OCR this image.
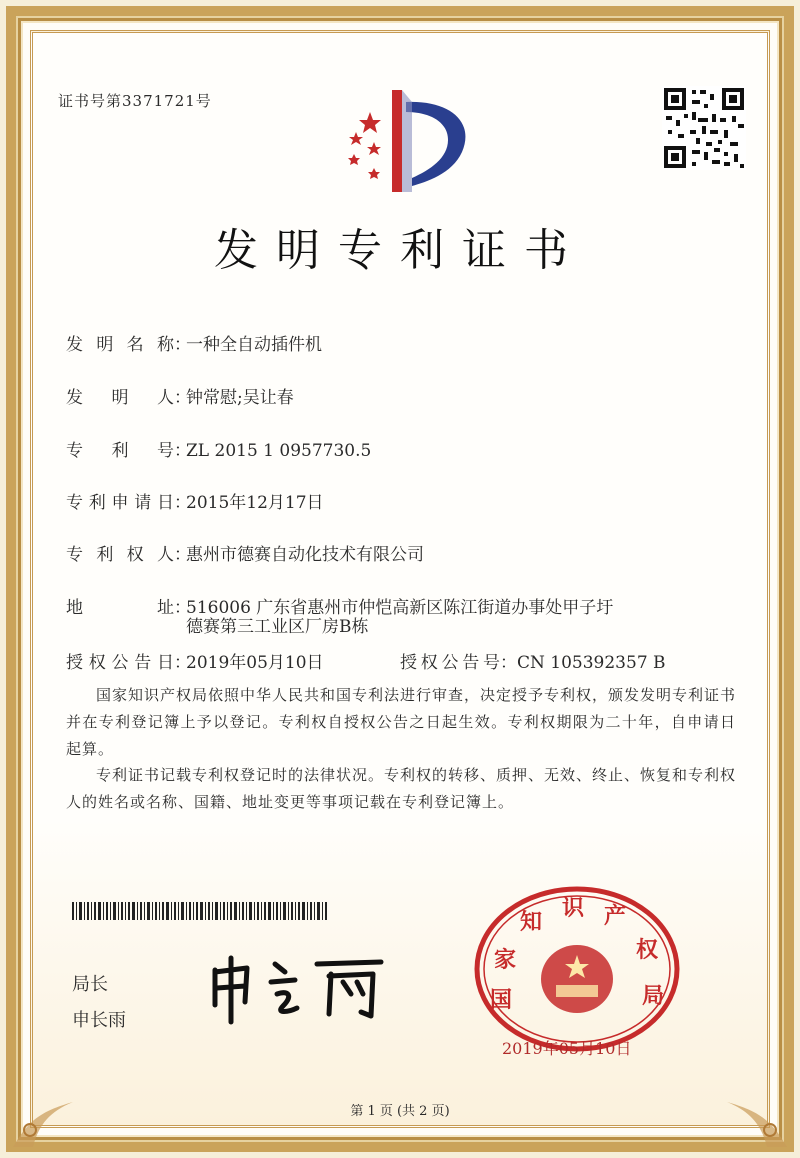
证书号第3371721号
发明专利证书
发明名称：一种全自动插件机
发明人：钟常慰;吴让春
专利号：ZL 2015 1 0957730.5
专利申请日：2015年12月17日
专利权人：惠州市德赛自动化技术有限公司
地址：516006 广东省惠州市仲恺高新区陈江街道办事处甲子圩
德赛第三工业区厂房B栋
授权公告日：2019年05月10日	授权公告号：CN 105392357 B
国家知识产权局依照中华人民共和国专利法进行审查，决定授予专利权，颁发发明专利证书并在专利登记簿上予以登记。专利权自授权公告之日起生效。专利权期限为二十年，自申请日起算。
专利证书记载专利权登记时的法律状况。专利权的转移、质押、无效、终止、恢复和专利权人的姓名或名称、国籍、地址变更等事项记载在专利登记簿上。
局长
申长雨
国
家
知
识 产
权
局
2019年05月10日
第 1 页 (共 2 页)
